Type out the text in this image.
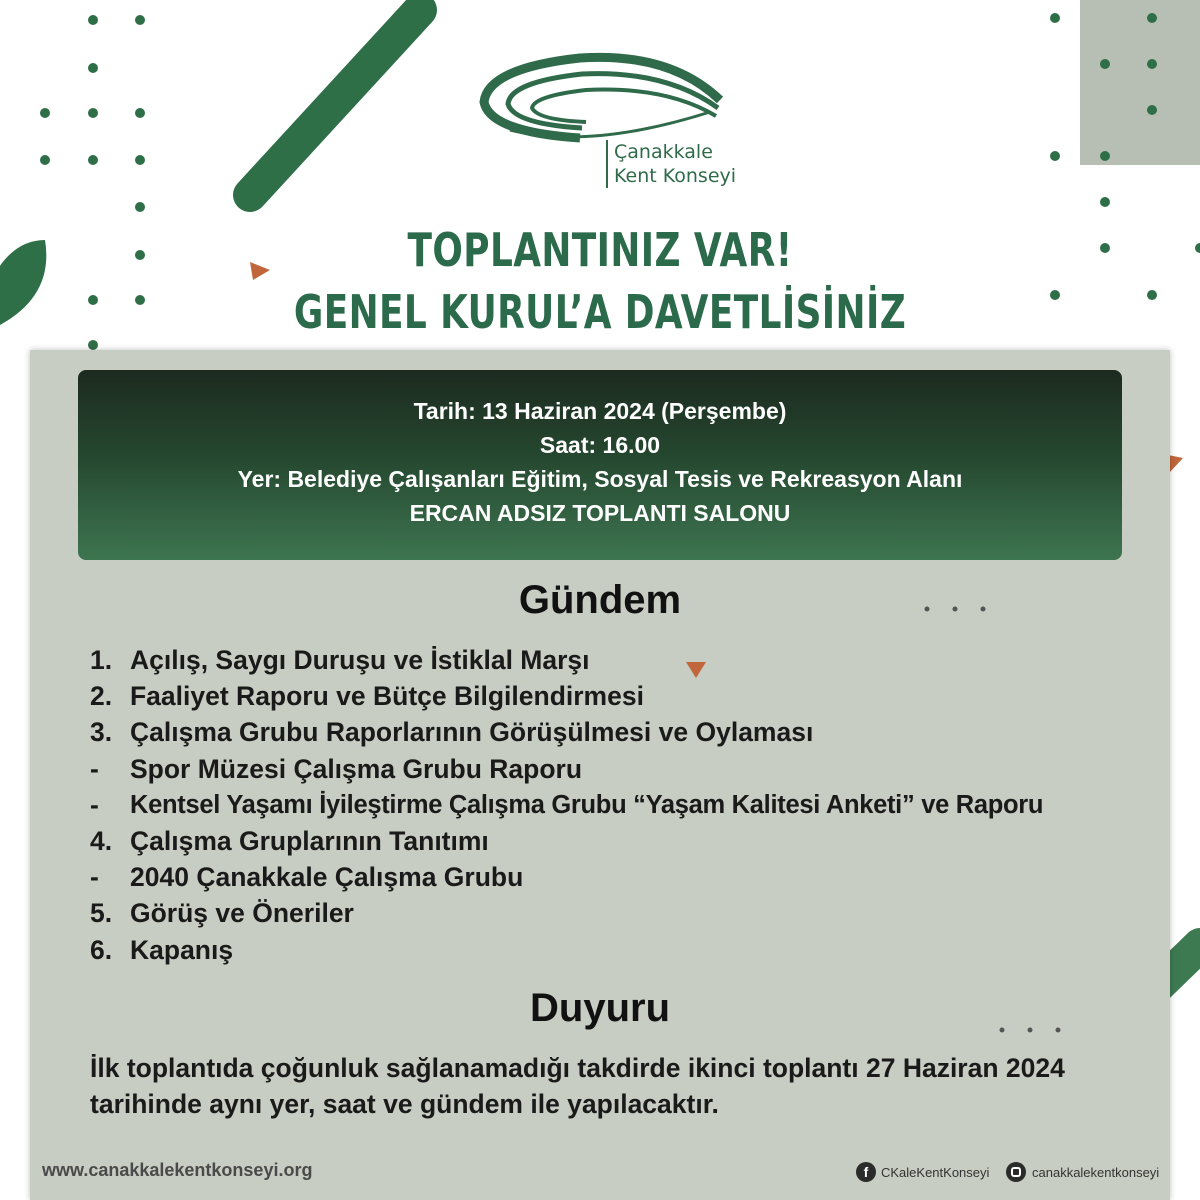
Çanakkale
Kent Konseyi
TOPLANTINIZ VAR!
GENEL KURUL’A DAVETLİSİNİZ
Tarih: 13 Haziran 2024 (Perşembe)
Saat: 16.00
Yer: Belediye Çalışanları Eğitim, Sosyal Tesis ve Rekreasyon Alanı
ERCAN ADSIZ TOPLANTI SALONU
Gündem
1. Açılış, Saygı Duruşu ve İstiklal Marşı
2. Faaliyet Raporu ve Bütçe Bilgilendirmesi
3. Çalışma Grubu Raporlarının Görüşülmesi ve Oylaması
-	Spor Müzesi Çalışma Grubu Raporu
-	Kentsel Yaşamı İyileştirme Çalışma Grubu “Yaşam Kalitesi Anketi” ve Raporu
4. Çalışma Gruplarının Tanıtımı
-	2040 Çanakkale Çalışma Grubu
5. Görüş ve Öneriler
6. Kapanış
Duyuru
İlk toplantıda çoğunluk sağlanamadığı takdirde ikinci toplantı 27 Haziran 2024 tarihinde aynı yer, saat ve gündem ile yapılacaktır.
www.canakkalekentkonseyi.org	f CKaleKentKonseyi	canakkalekentkonseyi
